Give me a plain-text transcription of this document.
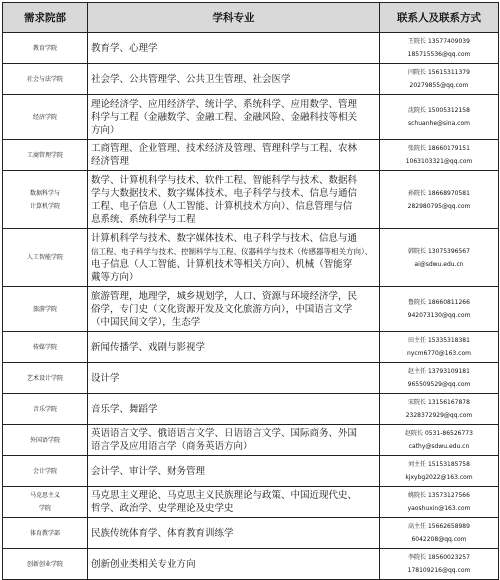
需求院部	学科专业	联系人及联系方式

教育学院	教育学、心理学	王院长 13577409039
185715536@qq.com

社会与法学院	社会学、公共管理学、公共卫生管理、社会医学	闫院长 15615311379
20279855@qq.com

经济学院	理论经济学、应用经济学、统计学、系统科学、应用数学、管理
科学与工程（金融数学、金融工程、金融风险、金融科技等相关
方向）	沈院长 15005312158
schuanhe@sina.com

工商管理学院	工商管理、企业管理、技术经济及管理、管理科学与工程、农林
经济管理	张院长 18660179151
1063103321@qq.com

数据科学与
计算机学院	数学、计算机科学与技术、软件工程、智能科学与技术、数据科
学与大数据技术、数字媒体技术、电子科学与技术、信息与通信
工程、电子信息（人工智能、计算机技术方向）、信息管理与信
息系统、系统科学与工程	孙院长 18668970581
282980795@qq.com

人工智能学院	计算机科学与技术、数字媒体技术、电子科学与技术、信息与通
信工程、电子科学与技术、控制科学与工程、仪器科学与技术（传感器等相关方向）、
电子信息（人工智能、计算机技术等相关方向）、机械（智能穿
戴等方向）	韩院长 13075396567
ai@sdwu.edu.cn

旅游学院	旅游管理，地理学，城乡规划学，人口、资源与环境经济学，民
俗学，专门史（文化资源开发及文化旅游方向），中国语言文学
（中国民间文学），生态学	鲁院长 18660811266
942073130@qq.com

传媒学院	新闻传播学、戏剧与影视学	田主任 15335318381
nycm6770@163.com

艺术设计学院	设计学	赵主任 13793109181
965509529@qq.com

音乐学院	音乐学、舞蹈学	宋院长 13156167878
2328372929@qq.com

外国语学院	英语语言文学、俄语语言文学、日语语言文学、国际商务、外国
语言学及应用语言学（商务英语方向）	赵院长 0531-86526773
cathy@sdwu.edu.cn

会计学院	会计学、审计学、财务管理	刘主任 15153185758
kjxybg2022@163.com

马克思主义
学院	马克思主义理论、马克思主义民族理论与政策、中国近现代史、
哲学、政治学、史学理论及史学史	姚院长 13573127566
yaoshuxin@163.com

体育教学部	民族传统体育学、体育教育训练学	高主任 15662658989
6042208@qq.com

创新创业学院	创新创业类相关专业方向	李院长 18560023257
178109216@qq.com
